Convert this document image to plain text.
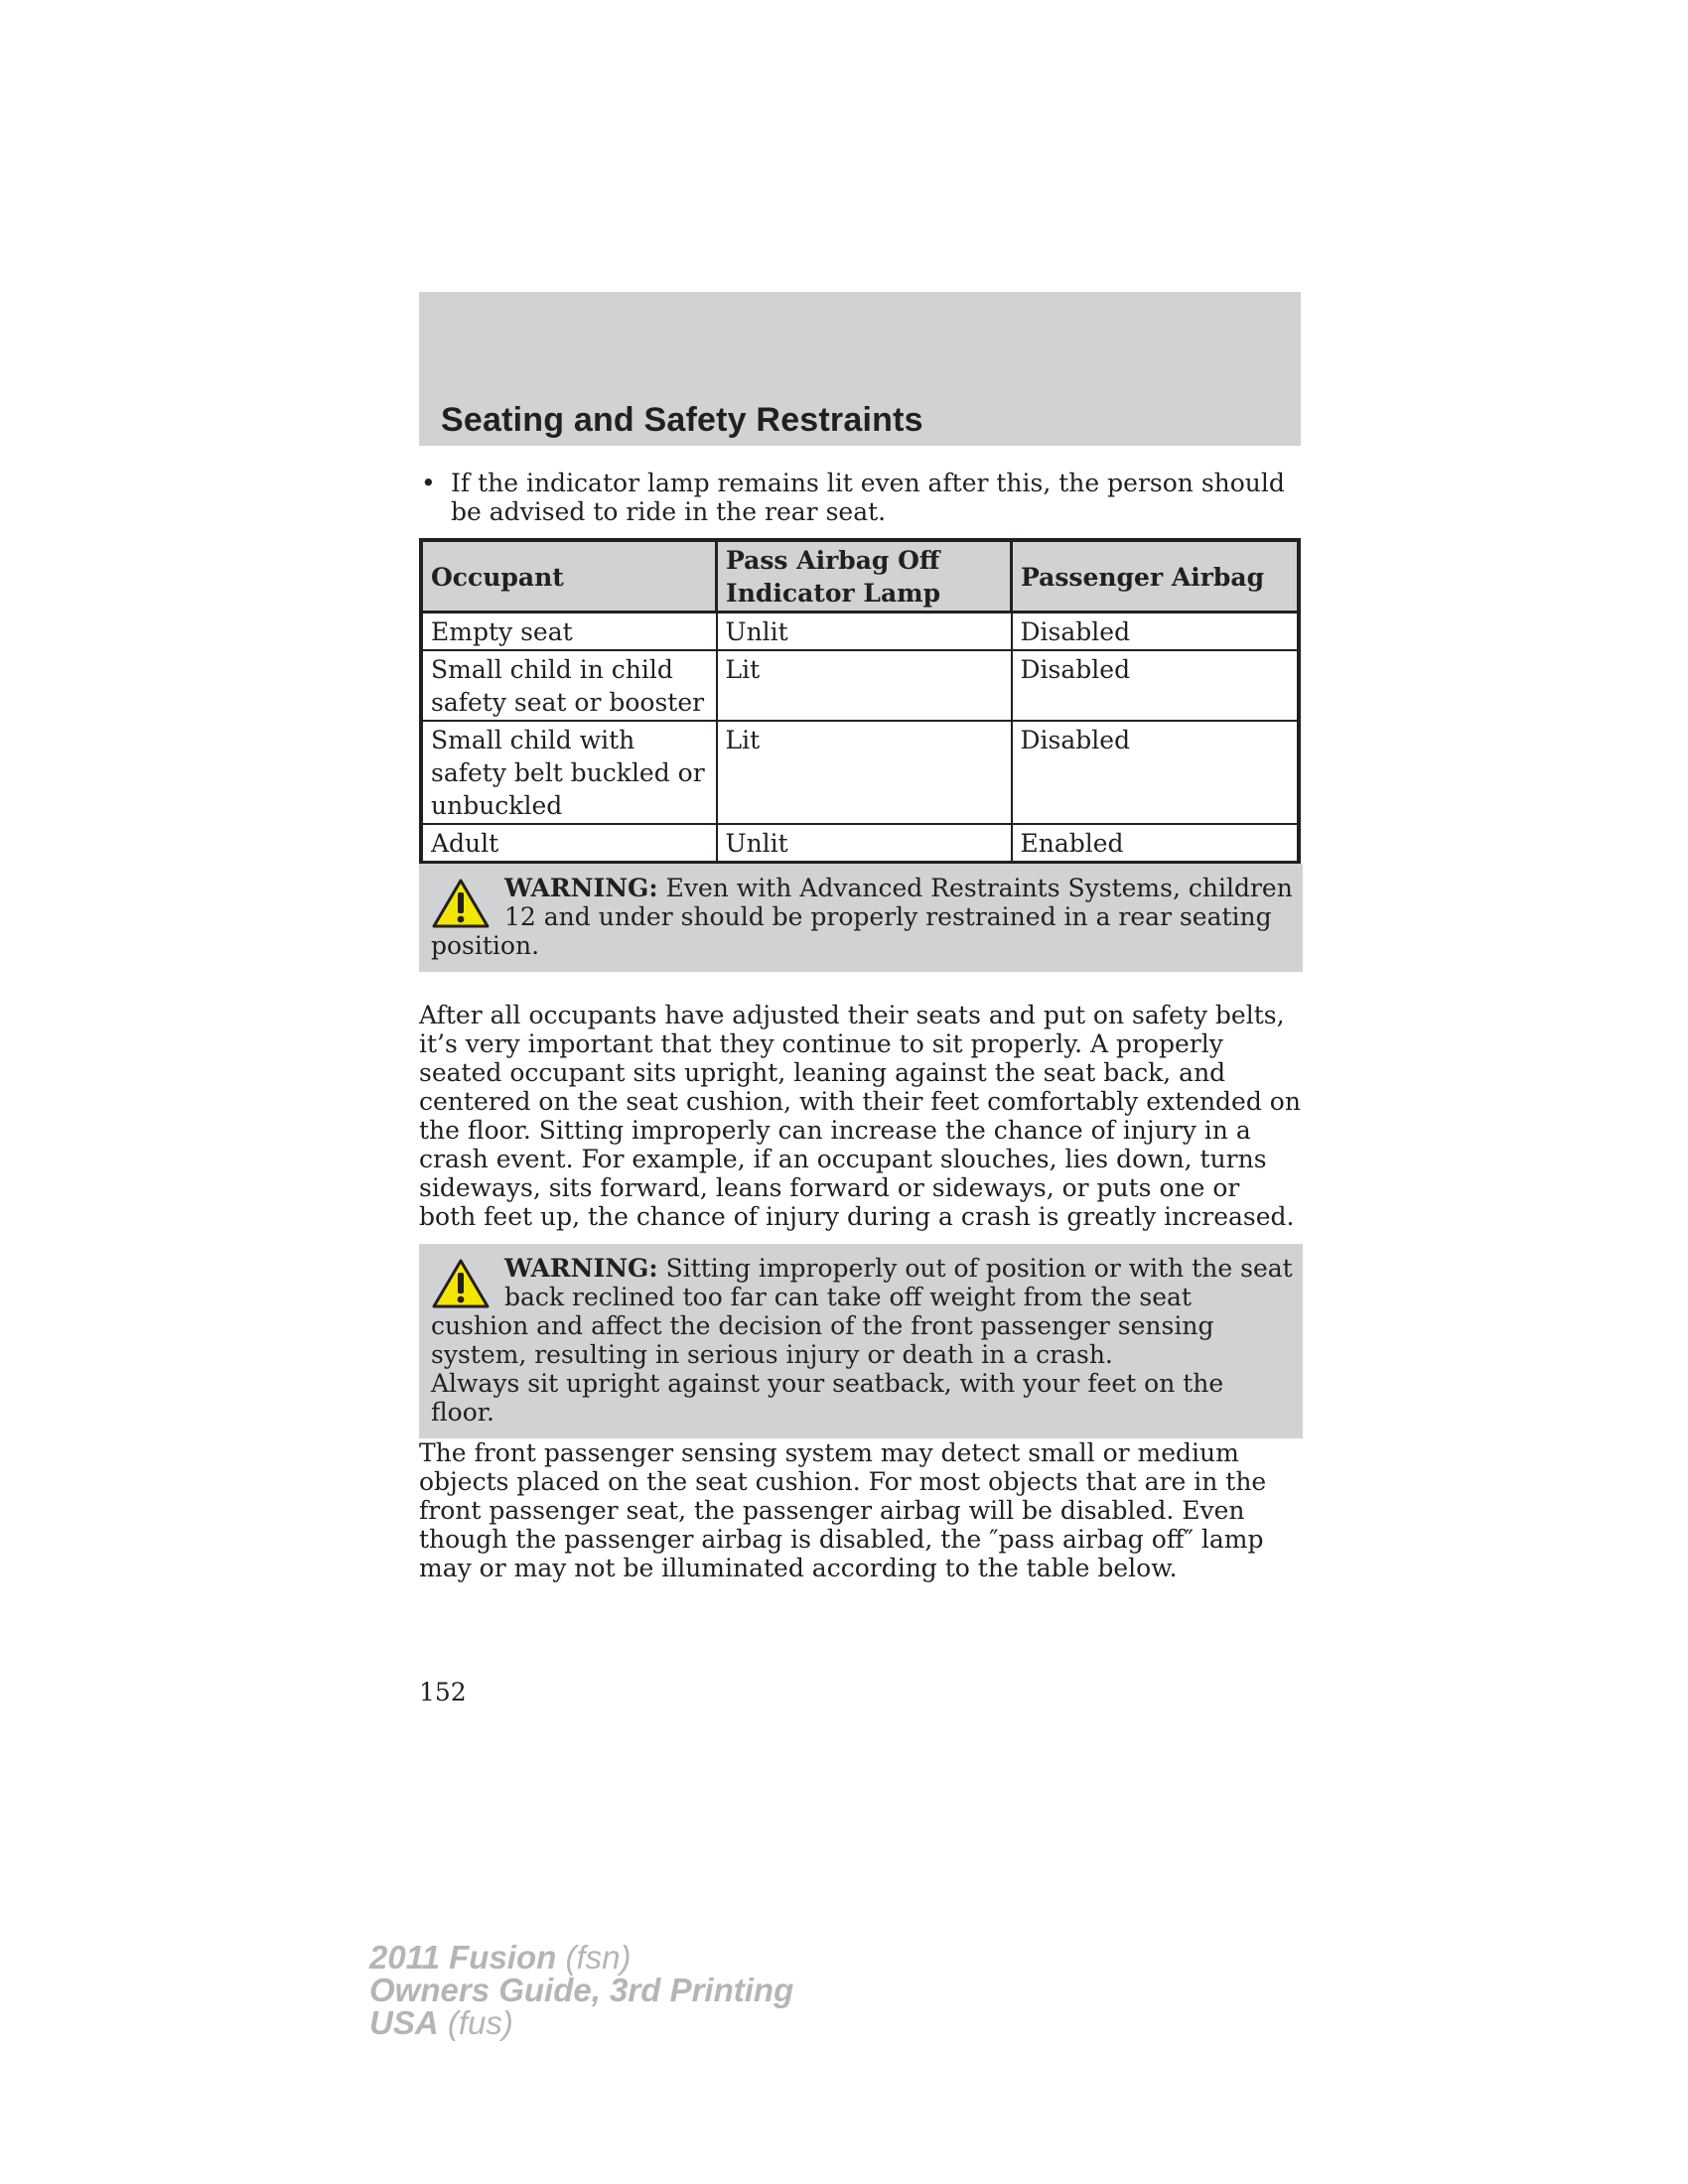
Seating and Safety Restraints
• If the indicator lamp remains lit even after this, the person should be advised to ride in the rear seat.
Occupant	Pass Airbag Off Indicator Lamp	Passenger Airbag
Empty seat	Unlit	Disabled
Small child in child safety seat or booster	Lit	Disabled
Small child with safety belt buckled or unbuckled	Lit	Disabled
Adult	Unlit	Enabled
WARNING: Even with Advanced Restraints Systems, children 12 and under should be properly restrained in a rear seating position.

After all occupants have adjusted their seats and put on safety belts, it’s very important that they continue to sit properly. A properly seated occupant sits upright, leaning against the seat back, and centered on the seat cushion, with their feet comfortably extended on the floor. Sitting improperly can increase the chance of injury in a crash event. For example, if an occupant slouches, lies down, turns sideways, sits forward, leans forward or sideways, or puts one or both feet up, the chance of injury during a crash is greatly increased.

WARNING: Sitting improperly out of position or with the seat back reclined too far can take off weight from the seat cushion and affect the decision of the front passenger sensing system, resulting in serious injury or death in a crash.
Always sit upright against your seatback, with your feet on the floor.

The front passenger sensing system may detect small or medium objects placed on the seat cushion. For most objects that are in the front passenger seat, the passenger airbag will be disabled. Even though the passenger airbag is disabled, the ″pass airbag off″ lamp may or may not be illuminated according to the table below.

152
2011 Fusion (fsn)
Owners Guide, 3rd Printing
USA (fus)
